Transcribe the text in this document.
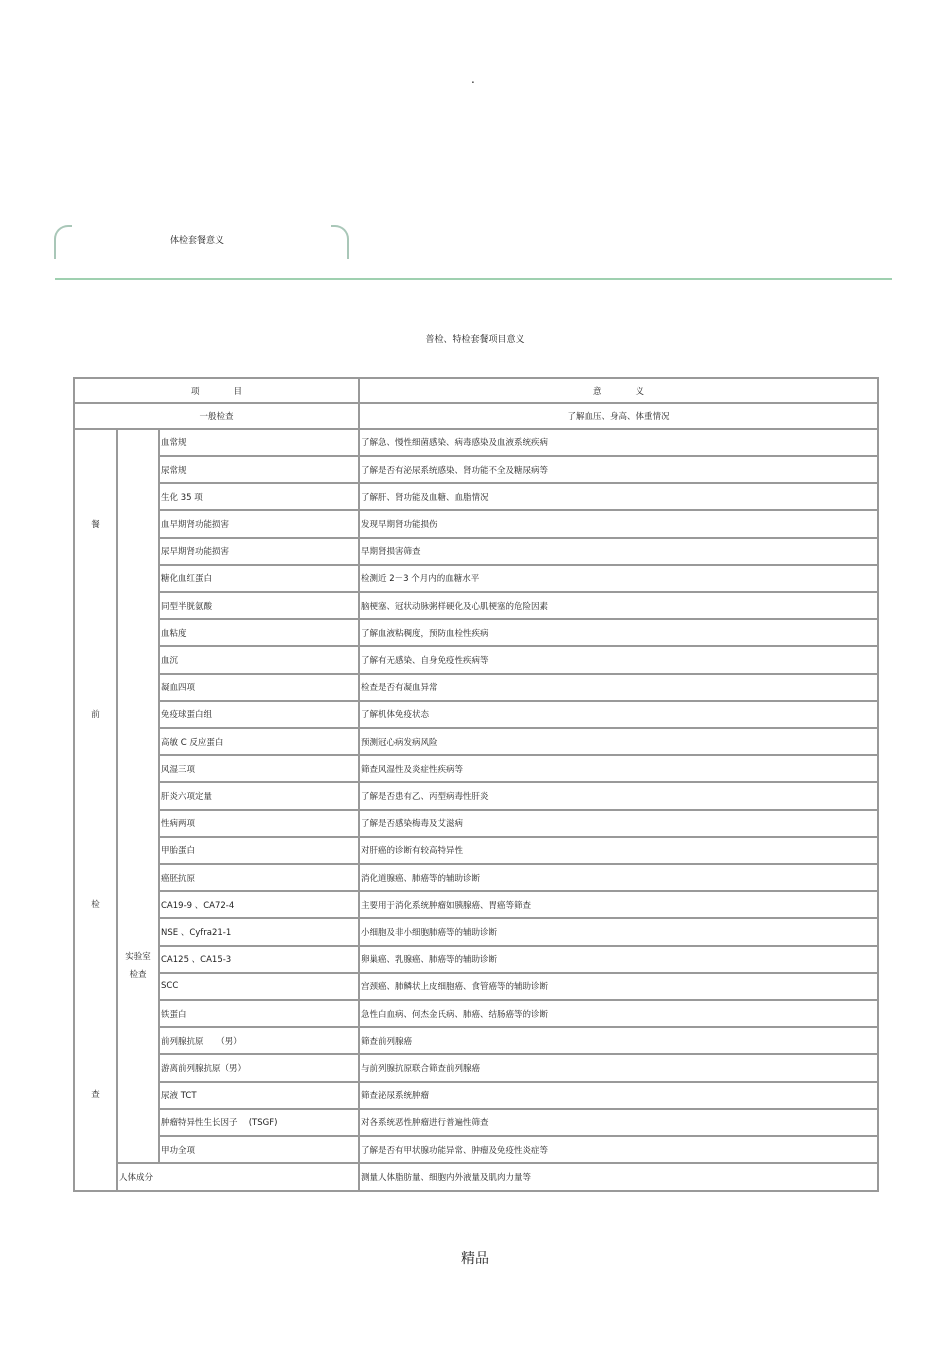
.
体检套餐意义
普检、特检套餐项目意义
项　　　　目			意　　　　义
一般检查			了解血压、身高、体重情况

餐
前
检
查	实验室
检查	血常规	了解急、慢性细菌感染、病毒感染及血液系统疾病
		尿常规	了解是否有泌尿系统感染、肾功能不全及糖尿病等
		生化 35 项	了解肝、肾功能及血糖、血脂情况
		血早期肾功能损害	发现早期肾功能损伤
		尿早期肾功能损害	早期肾损害筛查
		糖化血红蛋白	检测近 2－3 个月内的血糖水平
		同型半胱氨酸	脑梗塞、冠状动脉粥样硬化及心肌梗塞的危险因素
		血粘度	了解血液粘稠度，预防血栓性疾病
		血沉	了解有无感染、自身免疫性疾病等
		凝血四项	检查是否有凝血异常
		免疫球蛋白组	了解机体免疫状态
		高敏 C 反应蛋白	预测冠心病发病风险
		风湿三项	筛查风湿性及炎症性疾病等
		肝炎六项定量	了解是否患有乙、丙型病毒性肝炎
		性病两项	了解是否感染梅毒及艾滋病
		甲胎蛋白	对肝癌的诊断有较高特异性
		癌胚抗原	消化道腺癌、肺癌等的辅助诊断
		CA19-9 、CA72-4	主要用于消化系统肿瘤如胰腺癌、胃癌等筛查
		NSE 、Cyfra21-1	小细胞及非小细胞肺癌等的辅助诊断
		CA125 、CA15-3	卵巢癌、乳腺癌、肺癌等的辅助诊断
		SCC	宫颈癌、肺鳞状上皮细胞癌、食管癌等的辅助诊断
		铁蛋白	急性白血病、何杰金氏病、肺癌、结肠癌等的诊断
		前列腺抗原　　（男）	筛查前列腺癌
		游离前列腺抗原（男）	与前列腺抗原联合筛查前列腺癌
		尿液 TCT	筛查泌尿系统肿瘤
		肿瘤特异性生长因子　 (TSGF)	对各系统恶性肿瘤进行普遍性筛查
		甲功全项	了解是否有甲状腺功能异常、肿瘤及免疫性炎症等
	人体成分		测量人体脂肪量、细胞内外液量及肌肉力量等
精品
